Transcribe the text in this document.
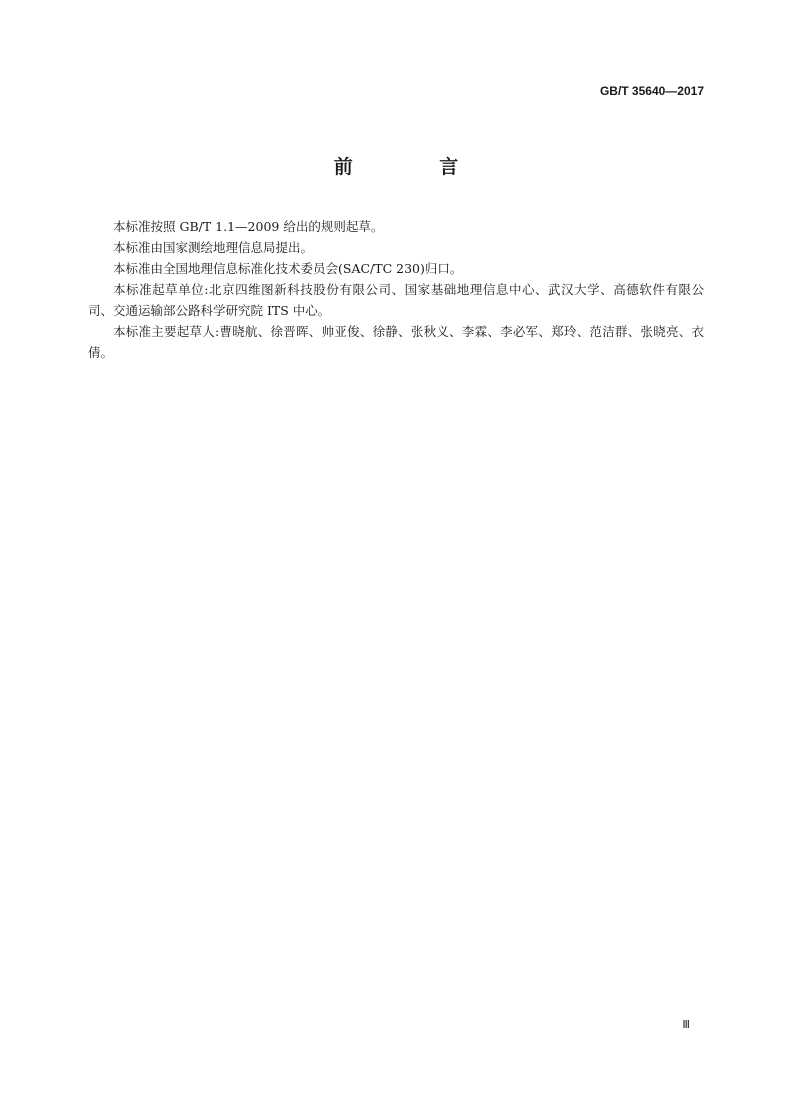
GB/T 35640—2017
前 言

本标准按照 GB/T 1.1—2009 给出的规则起草。

本标准由国家测绘地理信息局提出。

本标准由全国地理信息标准化技术委员会(SAC/TC 230)归口。

本标准起草单位:北京四维图新科技股份有限公司、国家基础地理信息中心、武汉大学、高德软件有限公司、交通运输部公路科学研究院 ITS 中心。

本标准主要起草人:曹晓航、徐晋晖、帅亚俊、徐静、张秋义、李霖、李必军、郑玲、范洁群、张晓亮、衣倩。

Ⅲ
